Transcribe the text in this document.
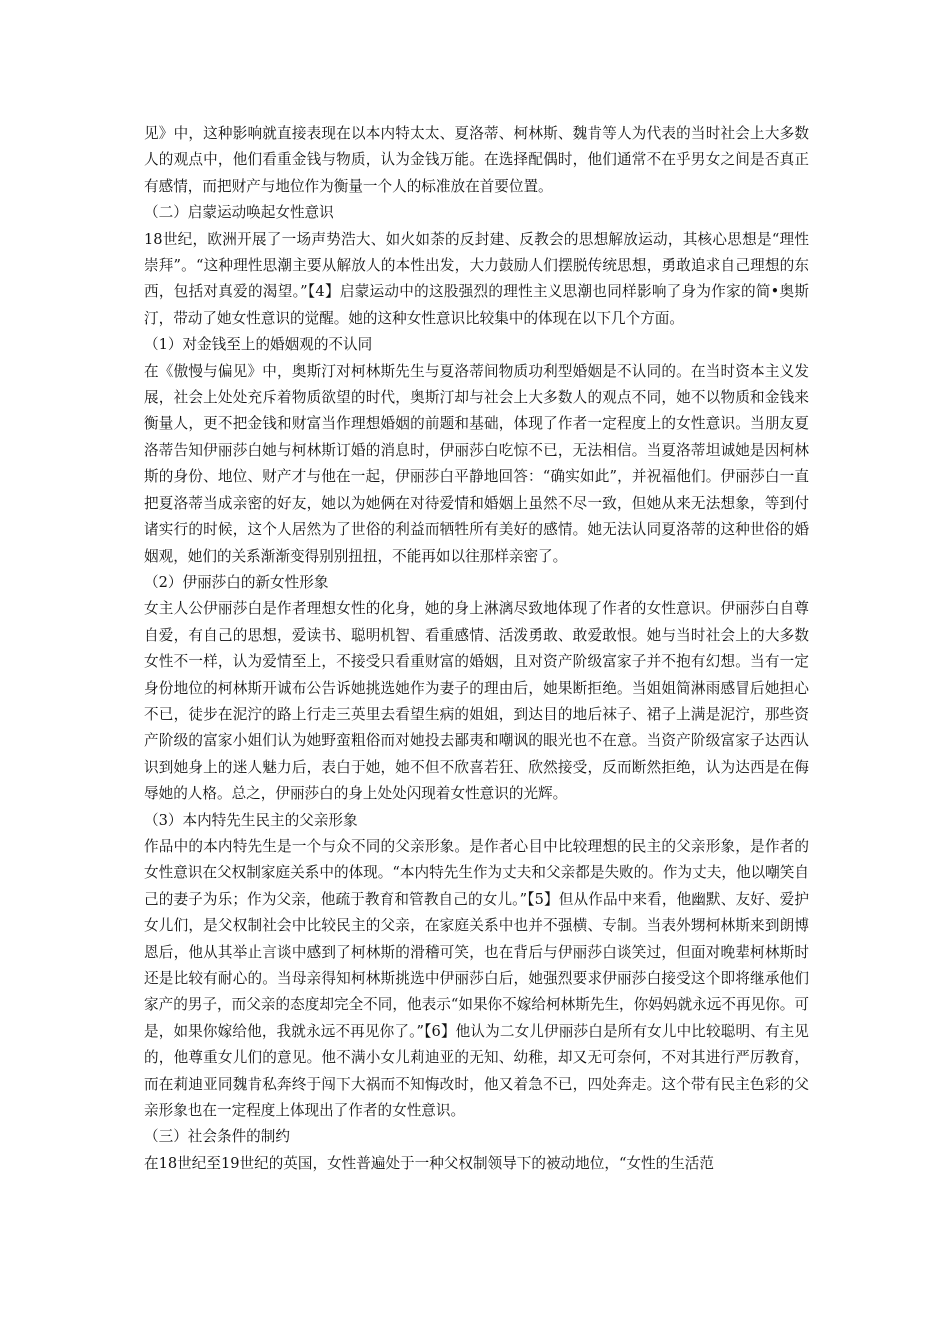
见》中，这种影响就直接表现在以本内特太太、夏洛蒂、柯林斯、魏肯等人为代表的当时社会上大多数人的观点中，他们看重金钱与物质，认为金钱万能。在选择配偶时，他们通常不在乎男女之间是否真正有感情，而把财产与地位作为衡量一个人的标准放在首要位置。

（二）启蒙运动唤起女性意识

18世纪，欧洲开展了一场声势浩大、如火如荼的反封建、反教会的思想解放运动，其核心思想是“理性崇拜”。“这种理性思潮主要从解放人的本性出发，大力鼓励人们摆脱传统思想，勇敢追求自己理想的东西，包括对真爱的渴望。”【4】启蒙运动中的这股强烈的理性主义思潮也同样影响了身为作家的简•奥斯汀，带动了她女性意识的觉醒。她的这种女性意识比较集中的体现在以下几个方面。

（1）对金钱至上的婚姻观的不认同

在《傲慢与偏见》中，奥斯汀对柯林斯先生与夏洛蒂间物质功利型婚姻是不认同的。在当时资本主义发展，社会上处处充斥着物质欲望的时代，奥斯汀却与社会上大多数人的观点不同，她不以物质和金钱来衡量人，更不把金钱和财富当作理想婚姻的前题和基础，体现了作者一定程度上的女性意识。当朋友夏洛蒂告知伊丽莎白她与柯林斯订婚的消息时，伊丽莎白吃惊不已，无法相信。当夏洛蒂坦诚她是因柯林斯的身份、地位、财产才与他在一起，伊丽莎白平静地回答：“确实如此”，并祝福他们。伊丽莎白一直把夏洛蒂当成亲密的好友，她以为她俩在对待爱情和婚姻上虽然不尽一致，但她从来无法想象，等到付诸实行的时候，这个人居然为了世俗的利益而牺牲所有美好的感情。她无法认同夏洛蒂的这种世俗的婚姻观，她们的关系渐渐变得别别扭扭，不能再如以往那样亲密了。

（2）伊丽莎白的新女性形象

女主人公伊丽莎白是作者理想女性的化身，她的身上淋漓尽致地体现了作者的女性意识。伊丽莎白自尊自爱，有自己的思想，爱读书、聪明机智、看重感情、活泼勇敢、敢爱敢恨。她与当时社会上的大多数女性不一样，认为爱情至上，不接受只看重财富的婚姻，且对资产阶级富家子并不抱有幻想。当有一定身份地位的柯林斯开诚布公告诉她挑选她作为妻子的理由后，她果断拒绝。当姐姐简淋雨感冒后她担心不已，徒步在泥泞的路上行走三英里去看望生病的姐姐，到达目的地后袜子、裙子上满是泥泞，那些资产阶级的富家小姐们认为她野蛮粗俗而对她投去鄙夷和嘲讽的眼光也不在意。当资产阶级富家子达西认识到她身上的迷人魅力后，表白于她，她不但不欣喜若狂、欣然接受，反而断然拒绝，认为达西是在侮辱她的人格。总之，伊丽莎白的身上处处闪现着女性意识的光辉。

（3）本内特先生民主的父亲形象

作品中的本内特先生是一个与众不同的父亲形象。是作者心目中比较理想的民主的父亲形象，是作者的女性意识在父权制家庭关系中的体现。“本内特先生作为丈夫和父亲都是失败的。作为丈夫，他以嘲笑自己的妻子为乐；作为父亲，他疏于教育和管教自己的女儿。”【5】但从作品中来看，他幽默、友好、爱护女儿们，是父权制社会中比较民主的父亲，在家庭关系中也并不强横、专制。当表外甥柯林斯来到朗博恩后，他从其举止言谈中感到了柯林斯的滑稽可笑，也在背后与伊丽莎白谈笑过，但面对晚辈柯林斯时还是比较有耐心的。当母亲得知柯林斯挑选中伊丽莎白后，她强烈要求伊丽莎白接受这个即将继承他们家产的男子，而父亲的态度却完全不同，他表示“如果你不嫁给柯林斯先生，你妈妈就永远不再见你。可是，如果你嫁给他，我就永远不再见你了。”【6】他认为二女儿伊丽莎白是所有女儿中比较聪明、有主见的，他尊重女儿们的意见。他不满小女儿莉迪亚的无知、幼稚，却又无可奈何，不对其进行严厉教育，而在莉迪亚同魏肯私奔终于闯下大祸而不知悔改时，他又着急不已，四处奔走。这个带有民主色彩的父亲形象也在一定程度上体现出了作者的女性意识。

（三）社会条件的制约

在18世纪至19世纪的英国，女性普遍处于一种父权制领导下的被动地位，“女性的生活范
